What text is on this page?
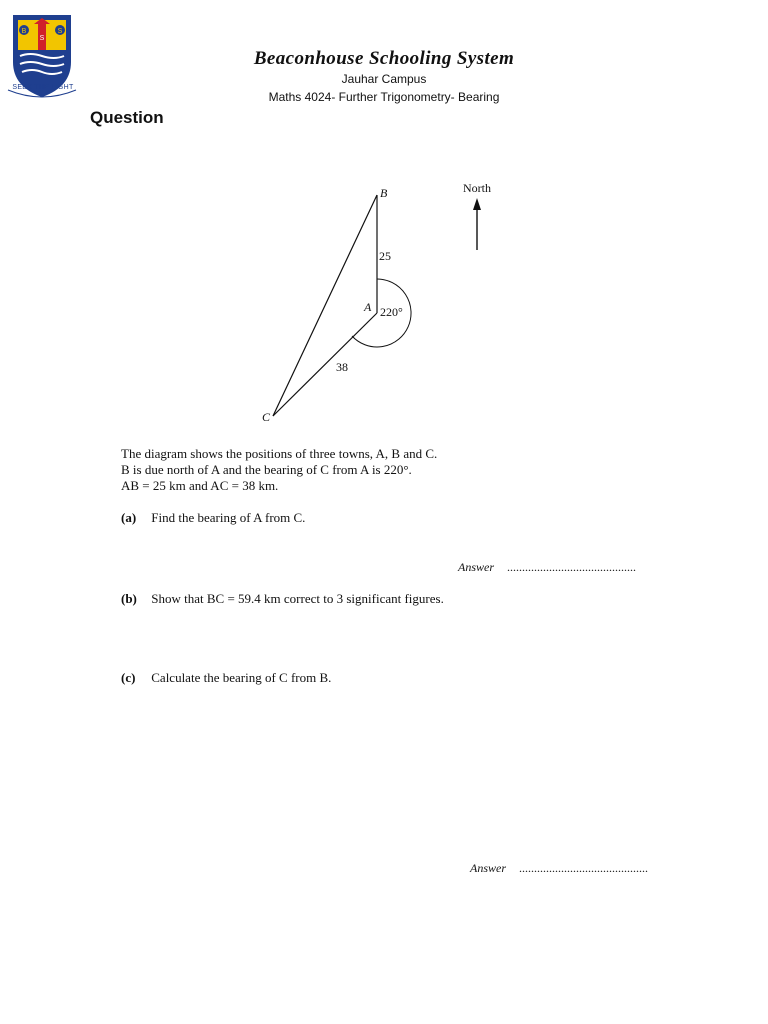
B
S
S
SEEK THE LIGHT
Beaconhouse Schooling System
Jauhar Campus
Maths 4024- Further Trigonometry- Bearing
Question
B
A
C
25
38
220°
North
The diagram shows the positions of three towns, A, B and C.
B is due north of A and the bearing of C from A is 220°.
AB = 25 km and AC = 38 km.
(a) Find the bearing of A from C.
Answer ...........................................
(b) Show that BC = 59.4 km correct to 3 significant figures.
(c) Calculate the bearing of C from B.
Answer ...........................................
